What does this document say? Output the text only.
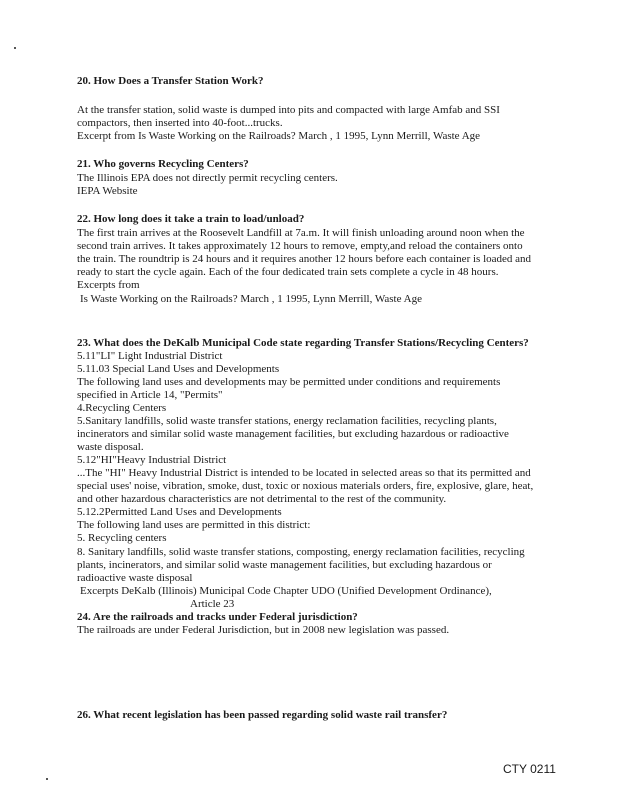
20. How Does a Transfer Station Work?
At the transfer station, solid waste is dumped into pits and compacted with large Amfab and SSI
compactors, then inserted into 40-foot...trucks.
Excerpt from Is Waste Working on the Railroads? March , 1 1995, Lynn Merrill, Waste Age
21. Who governs Recycling Centers?
The Illinois EPA does not directly permit recycling centers.
IEPA Website
22. How long does it take a train to load/unload?
The first train arrives at the Roosevelt Landfill at 7a.m. It will finish unloading around noon when the
second train arrives. It takes approximately 12 hours to remove, empty,and reload the containers onto
the train. The roundtrip is 24 hours and it requires another 12 hours before each container is loaded and
ready to start the cycle again. Each of the four dedicated train sets complete a cycle in 48 hours.
Excerpts from
Is Waste Working on the Railroads? March , 1 1995, Lynn Merrill, Waste Age
23. What does the DeKalb Municipal Code state regarding Transfer Stations/Recycling Centers?
5.11"LI" Light Industrial District
5.11.03 Special Land Uses and Developments
The following land uses and developments may be permitted under conditions and requirements
specified in Article 14, "Permits"
4.Recycling Centers
5.Sanitary landfills, solid waste transfer stations, energy reclamation facilities, recycling plants,
incinerators and similar solid waste management facilities, but excluding hazardous or radioactive
waste disposal.
5.12"HI"Heavy Industrial District
...The "HI" Heavy Industrial District is intended to be located in selected areas so that its permitted and
special uses' noise, vibration, smoke, dust, toxic or noxious materials orders, fire, explosive, glare, heat,
and other hazardous characteristics are not detrimental to the rest of the community.
5.12.2Permitted Land Uses and Developments
The following land uses are permitted in this district:
5. Recycling centers
8. Sanitary landfills, solid waste transfer stations, composting, energy reclamation facilities, recycling
plants, incinerators, and similar solid waste management facilities, but excluding hazardous or
radioactive waste disposal
Excerpts DeKalb (Illinois) Municipal Code Chapter UDO (Unified Development Ordinance),
Article 23
24. Are the railroads and tracks under Federal jurisdiction?
The railroads are under Federal Jurisdiction, but in 2008 new legislation was passed.
26. What recent legislation has been passed regarding solid waste rail transfer?
CTY 0211
